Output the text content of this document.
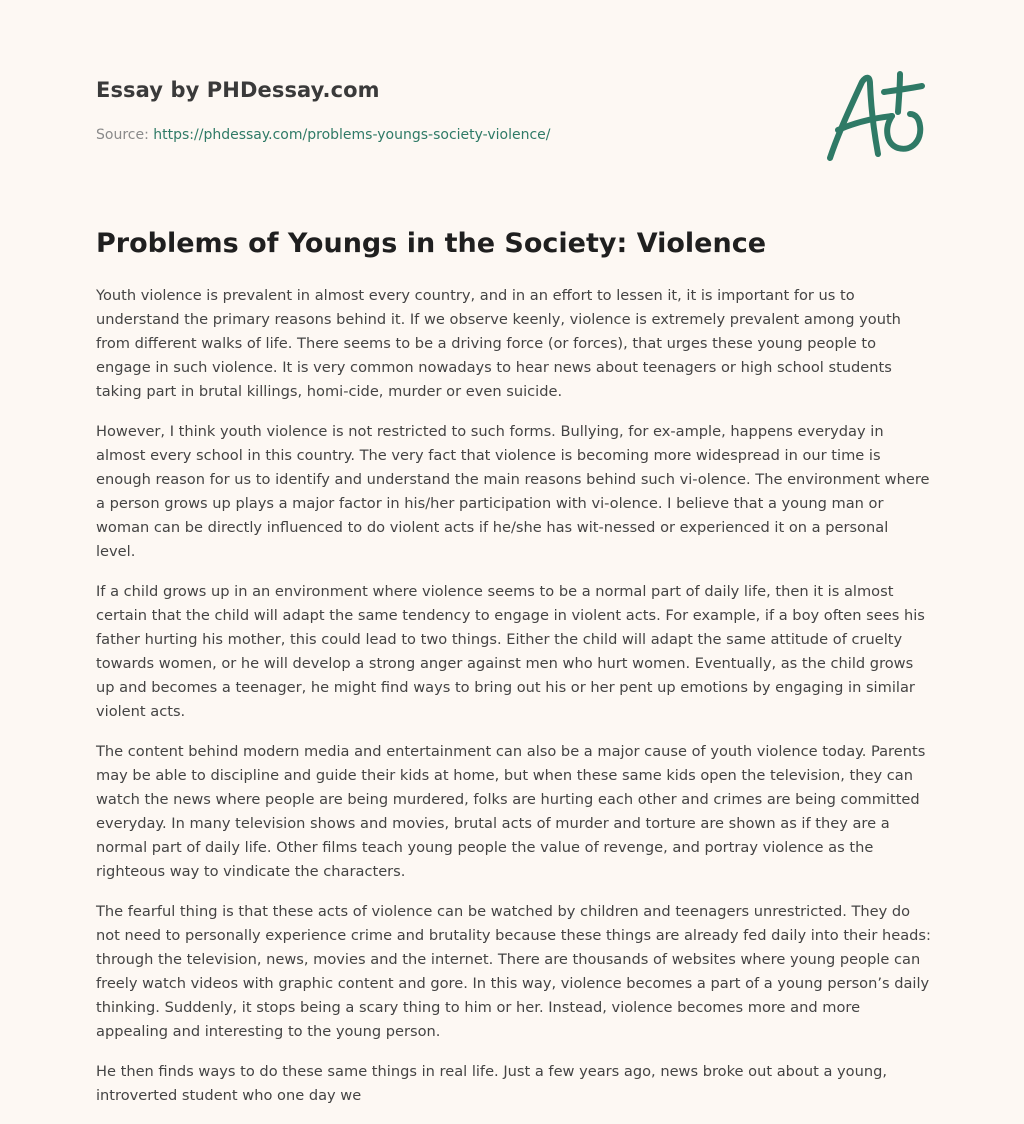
Essay by PHDessay.com
Source: https://phdessay.com/problems-youngs-society-violence/
Problems of Youngs in the Society: Violence

Youth violence is prevalent in almost every country, and in an effort to lessen it, it is important for us to understand the primary reasons behind it. If we observe keenly, violence is extremely prevalent among youth from different walks of life. There seems to be a driving force (or forces), that urges these young people to engage in such violence. It is very common nowadays to hear news about teenagers or high school students taking part in brutal killings, homi-cide, murder or even suicide.

However, I think youth violence is not restricted to such forms. Bullying, for ex-ample, happens everyday in almost every school in this country. The very fact that violence is becoming more widespread in our time is enough reason for us to identify and understand the main reasons behind such vi-olence. The environment where a person grows up plays a major factor in his/her participation with vi-olence. I believe that a young man or woman can be directly influenced to do violent acts if he/she has wit-nessed or experienced it on a personal level.

If a child grows up in an environment where violence seems to be a normal part of daily life, then it is almost certain that the child will adapt the same tendency to engage in violent acts. For example, if a boy often sees his father hurting his mother, this could lead to two things. Either the child will adapt the same attitude of cruelty towards women, or he will develop a strong anger against men who hurt women. Eventually, as the child grows up and becomes a teenager, he might find ways to bring out his or her pent up emotions by engaging in similar violent acts.

The content behind modern media and entertainment can also be a major cause of youth violence today. Parents may be able to discipline and guide their kids at home, but when these same kids open the television, they can watch the news where people are being murdered, folks are hurting each other and crimes are being committed everyday. In many television shows and movies, brutal acts of murder and torture are shown as if they are a normal part of daily life. Other films teach young people the value of revenge, and portray violence as the righteous way to vindicate the characters.

The fearful thing is that these acts of violence can be watched by children and teenagers unrestricted. They do not need to personally experience crime and brutality because these things are already fed daily into their heads: through the television, news, movies and the internet. There are thousands of websites where young people can freely watch videos with graphic content and gore. In this way, violence becomes a part of a young person’s daily thinking. Suddenly, it stops being a scary thing to him or her. Instead, violence becomes more and more appealing and interesting to the young person.

He then finds ways to do these same things in real life. Just a few years ago, news broke out about a young, introverted student who one day we
